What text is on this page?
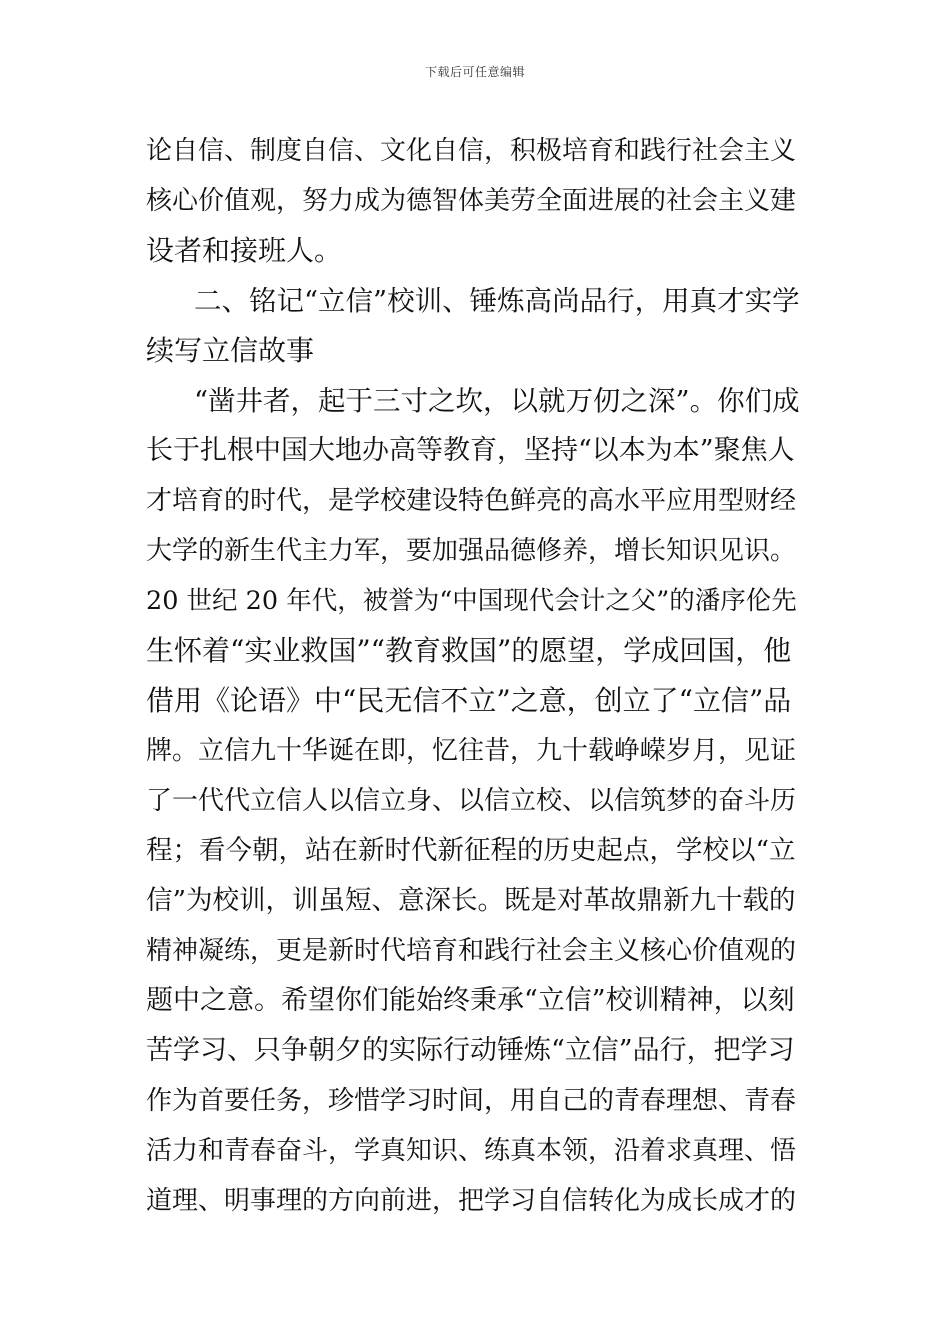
下载后可任意编辑
论自信、制度自信、文化自信，积极培育和践行社会主义
核心价值观，努力成为德智体美劳全面进展的社会主义建
设者和接班人。
二、铭记“立信”校训、锤炼高尚品行，用真才实学
续写立信故事
“凿井者，起于三寸之坎，以就万仞之深”。你们成
长于扎根中国大地办高等教育，坚持“以本为本”聚焦人
才培育的时代，是学校建设特色鲜亮的高水平应用型财经
大学的新生代主力军，要加强品德修养，增长知识见识。
20 世纪 20 年代，被誉为“中国现代会计之父”的潘序伦先
生怀着“实业救国”“教育救国”的愿望，学成回国，他
借用《论语》中“民无信不立”之意，创立了“立信”品
牌。立信九十华诞在即，忆往昔，九十载峥嵘岁月，见证
了一代代立信人以信立身、以信立校、以信筑梦的奋斗历
程；看今朝，站在新时代新征程的历史起点，学校以“立
信”为校训，训虽短、意深长。既是对革故鼎新九十载的
精神凝练，更是新时代培育和践行社会主义核心价值观的
题中之意。希望你们能始终秉承“立信”校训精神，以刻
苦学习、只争朝夕的实际行动锤炼“立信”品行，把学习
作为首要任务，珍惜学习时间，用自己的青春理想、青春
活力和青春奋斗，学真知识、练真本领，沿着求真理、悟
道理、明事理的方向前进，把学习自信转化为成长成才的
